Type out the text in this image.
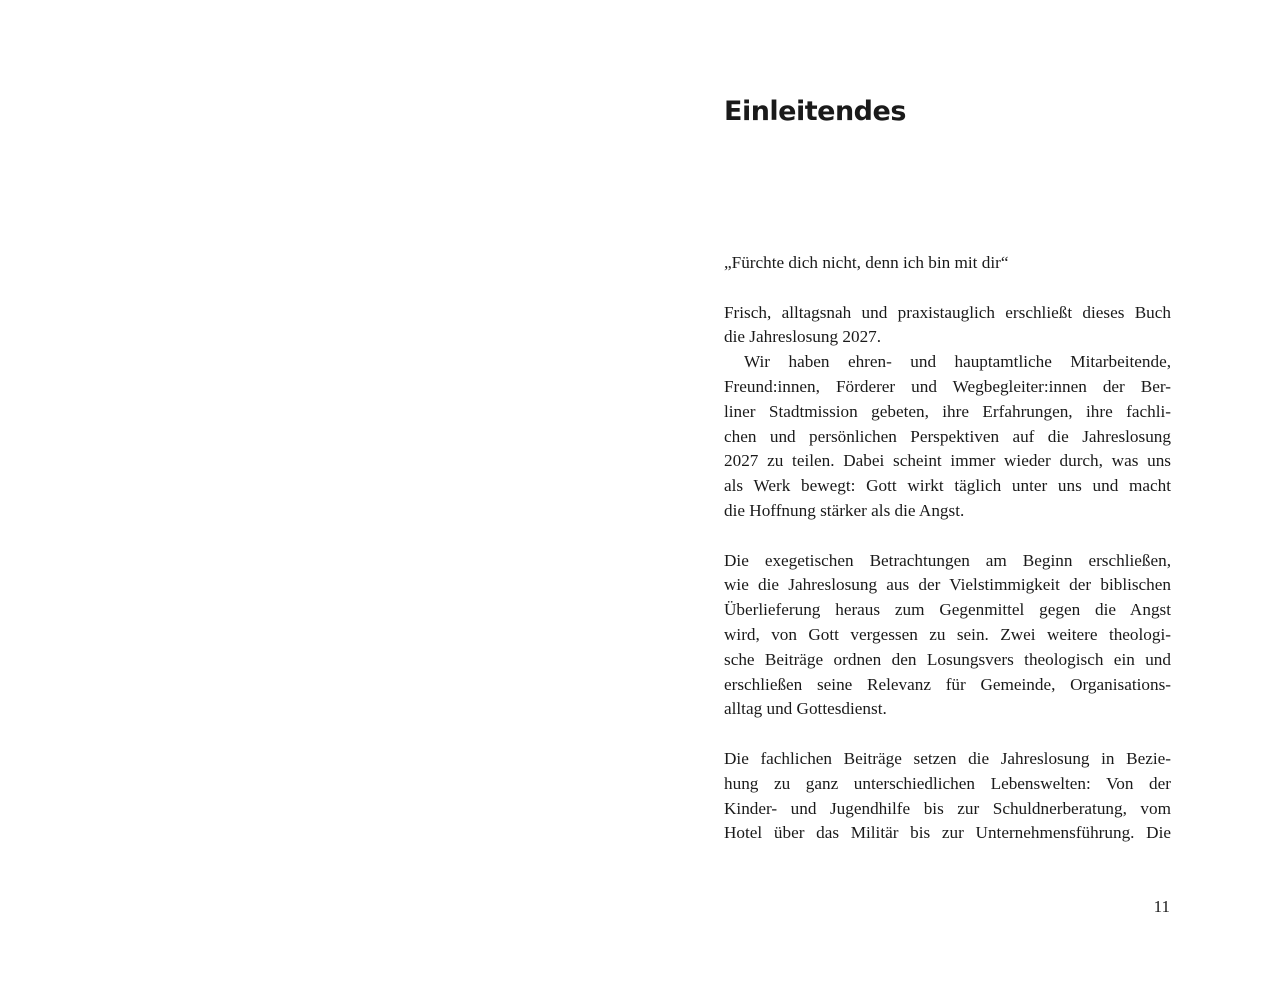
Einleitendes
„Fürchte dich nicht, denn ich bin mit dir“
Frisch, alltagsnah und praxistauglich erschließt dieses Buch
die Jahreslosung 2027.
Wir haben ehren- und hauptamtliche Mitarbeitende,
Freund:innen, Förderer und Wegbegleiter:innen der Ber-
liner Stadtmission gebeten, ihre Erfahrungen, ihre fachli-
chen und persönlichen Perspektiven auf die Jahreslosung
2027 zu teilen. Dabei scheint immer wieder durch, was uns
als Werk bewegt: Gott wirkt täglich unter uns und macht
die Hoffnung stärker als die Angst.
Die exegetischen Betrachtungen am Beginn erschließen,
wie die Jahreslosung aus der Vielstimmigkeit der biblischen
Überlieferung heraus zum Gegenmittel gegen die Angst
wird, von Gott vergessen zu sein. Zwei weitere theologi-
sche Beiträge ordnen den Losungsvers theologisch ein und
erschließen seine Relevanz für Gemeinde, Organisations-
alltag und Gottesdienst.
Die fachlichen Beiträge setzen die Jahreslosung in Bezie-
hung zu ganz unterschiedlichen Lebenswelten: Von der
Kinder- und Jugendhilfe bis zur Schuldnerberatung, vom
Hotel über das Militär bis zur Unternehmensführung. Die
11
